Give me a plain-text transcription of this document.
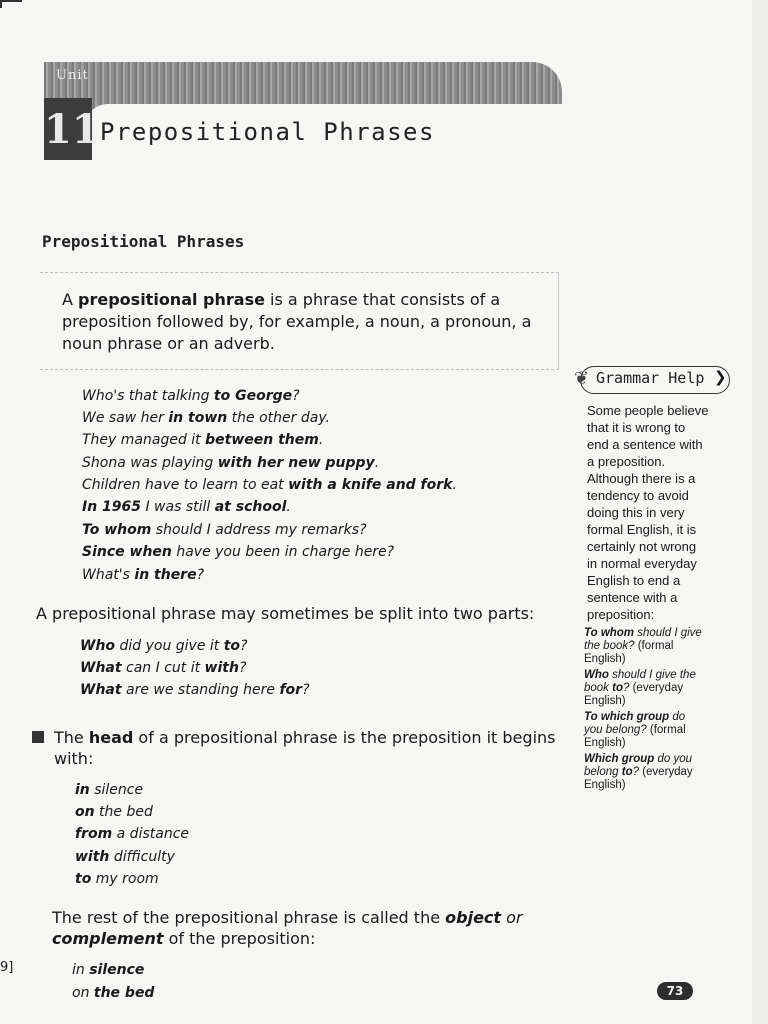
Unit
11 Prepositional Phrases
Prepositional Phrases
A prepositional phrase is a phrase that consists of a
preposition followed by, for example, a noun, a pronoun, a
noun phrase or an adverb.
Who's that talking to George?
We saw her in town the other day.
They managed it between them.
Shona was playing with her new puppy.
Children have to learn to eat with a knife and fork.
In 1965 I was still at school.
To whom should I address my remarks?
Since when have you been in charge here?
What's in there?
A prepositional phrase may sometimes be split into two parts:
Who did you give it to?
What can I cut it with?
What are we standing here for?
The head of a prepositional phrase is the preposition it begins
with:
in silence
on the bed
from a distance
with difficulty
to my room
The rest of the prepositional phrase is called the object or
complement of the preposition:
in silence
on the bed
❦ Grammar Help ❯
Some people believe
that it is wrong to
end a sentence with
a preposition.
Although there is a
tendency to avoid
doing this in very
formal English, it is
certainly not wrong
in normal everyday
English to end a
sentence with a
preposition:
To whom should I give
the book? (formal
English)
Who should I give the
book to? (everyday
English)
To which group do
you belong? (formal
English)
Which group do you
belong to? (everyday
English)
9]
73
